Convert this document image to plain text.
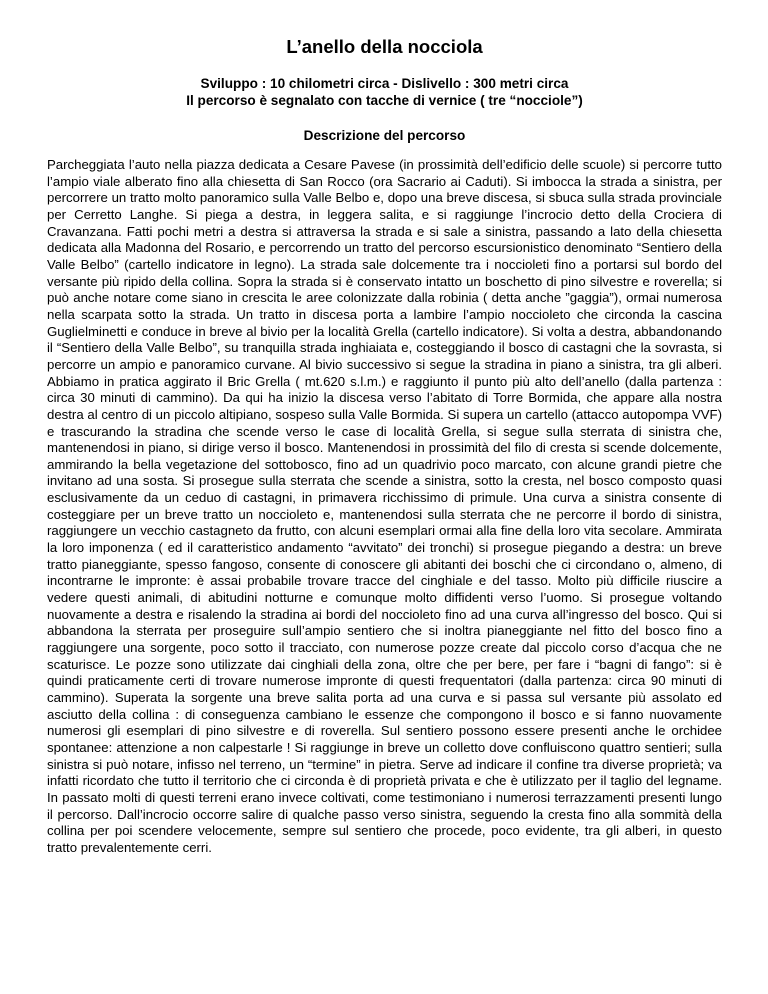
L’anello della nocciola

Sviluppo : 10 chilometri circa - Dislivello : 300 metri circa

Il percorso è segnalato con tacche di vernice ( tre “nocciole”)

Descrizione del percorso

Parcheggiata l’auto nella piazza dedicata a Cesare Pavese (in prossimità dell’edificio delle scuole) si percorre tutto l’ampio viale alberato fino alla chiesetta di San Rocco (ora Sacrario ai Caduti). Si imbocca la strada a sinistra, per percorrere un tratto molto panoramico sulla Valle Belbo e, dopo una breve discesa, si sbuca sulla strada provinciale per Cerretto Langhe. Si piega a destra, in leggera salita, e si raggiunge l’incrocio detto della Crociera di Cravanzana. Fatti pochi metri a destra si attraversa la strada e si sale a sinistra, passando a lato della chiesetta dedicata alla Madonna del Rosario, e percorrendo un tratto del percorso escursionistico denominato “Sentiero della Valle Belbo” (cartello indicatore in legno). La strada sale dolcemente tra i noccioleti fino a portarsi sul bordo del versante più ripido della collina. Sopra la strada si è conservato intatto un boschetto di pino silvestre e roverella; si può anche notare come siano in crescita le aree colonizzate dalla robinia ( detta anche ”gaggia”), ormai numerosa nella scarpata sotto la strada. Un tratto in discesa porta a lambire l’ampio noccioleto che circonda la cascina Guglielminetti e conduce in breve al bivio per la località Grella (cartello indicatore). Si volta a destra, abbandonando il “Sentiero della Valle Belbo”, su tranquilla strada inghiaiata e, costeggiando il bosco di castagni che la sovrasta, si percorre un ampio e panoramico curvane. Al bivio successivo si segue la stradina in piano a sinistra, tra gli alberi. Abbiamo in pratica aggirato il Bric Grella ( mt.620 s.l.m.) e raggiunto il punto più alto dell’anello (dalla partenza : circa 30 minuti di cammino). Da qui ha inizio la discesa verso l’abitato di Torre Bormida, che appare alla nostra destra al centro di un piccolo altipiano, sospeso sulla Valle Bormida. Si supera un cartello (attacco autopompa VVF) e trascurando la stradina che scende verso le case di località Grella, si segue sulla sterrata di sinistra che, mantenendosi in piano, si dirige verso il bosco. Mantenendosi in prossimità del filo di cresta si scende dolcemente, ammirando la bella vegetazione del sottobosco, fino ad un quadrivio poco marcato, con alcune grandi pietre che invitano ad una sosta. Si prosegue sulla sterrata che scende a sinistra, sotto la cresta, nel bosco composto quasi esclusivamente da un ceduo di castagni, in primavera ricchissimo di primule. Una curva a sinistra consente di costeggiare per un breve tratto un noccioleto e, mantenendosi sulla sterrata che ne percorre il bordo di sinistra, raggiungere un vecchio castagneto da frutto, con alcuni esemplari ormai alla fine della loro vita secolare. Ammirata la loro imponenza ( ed il caratteristico andamento “avvitato” dei tronchi) si prosegue piegando a destra: un breve tratto pianeggiante, spesso fangoso, consente di conoscere gli abitanti dei boschi che ci circondano o, almeno, di incontrarne le impronte: è assai probabile trovare tracce del cinghiale e del tasso. Molto più difficile riuscire a vedere questi animali, di abitudini notturne e comunque molto diffidenti verso l’uomo. Si prosegue voltando nuovamente a destra e risalendo la stradina ai bordi del noccioleto fino ad una curva all’ingresso del bosco. Qui si abbandona la sterrata per proseguire sull’ampio sentiero che si inoltra pianeggiante nel fitto del bosco fino a raggiungere una sorgente, poco sotto il tracciato, con numerose pozze create dal piccolo corso d’acqua che ne scaturisce. Le pozze sono utilizzate dai cinghiali della zona, oltre che per bere, per fare i “bagni di fango”: si è quindi praticamente certi di trovare numerose impronte di questi frequentatori (dalla partenza: circa 90 minuti di cammino). Superata la sorgente una breve salita porta ad una curva e si passa sul versante più assolato ed asciutto della collina : di conseguenza cambiano le essenze che compongono il bosco e si fanno nuovamente numerosi gli esemplari di pino silvestre e di roverella. Sul sentiero possono essere presenti anche le orchidee spontanee: attenzione a non calpestarle ! Si raggiunge in breve un colletto dove confluiscono quattro sentieri; sulla sinistra si può notare, infisso nel terreno, un “termine” in pietra. Serve ad indicare il confine tra diverse proprietà; va infatti ricordato che tutto il territorio che ci circonda è di proprietà privata e che è utilizzato per il taglio del legname. In passato molti di questi terreni erano invece coltivati, come testimoniano i numerosi terrazzamenti presenti lungo il percorso. Dall’incrocio occorre salire di qualche passo verso sinistra, seguendo la cresta fino alla sommità della collina per poi scendere velocemente, sempre sul sentiero che procede, poco evidente, tra gli alberi, in questo tratto prevalentemente cerri.
